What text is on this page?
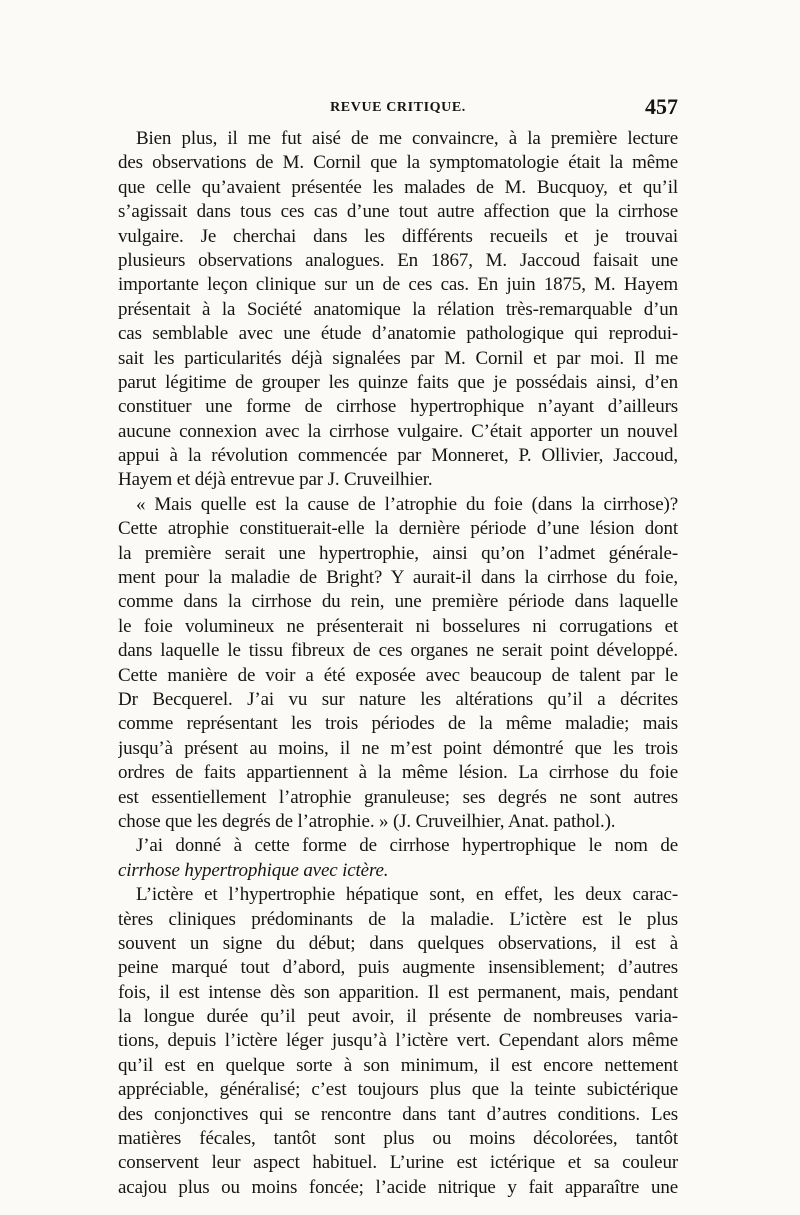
REVUE CRITIQUE.	457
Bien plus, il me fut aisé de me convaincre, à la première lecture
des observations de M. Cornil que la symptomatologie était la même
que celle qu’avaient présentée les malades de M. Bucquoy, et qu’il
s’agissait dans tous ces cas d’une tout autre affection que la cirrhose
vulgaire. Je cherchai dans les différents recueils et je trouvai
plusieurs observations analogues. En 1867, M. Jaccoud faisait une
importante leçon clinique sur un de ces cas. En juin 1875, M. Hayem
présentait à la Société anatomique la rélation très-remarquable d’un
cas semblable avec une étude d’anatomie pathologique qui reprodui-
sait les particularités déjà signalées par M. Cornil et par moi. Il me
parut légitime de grouper les quinze faits que je possédais ainsi, d’en
constituer une forme de cirrhose hypertrophique n’ayant d’ailleurs
aucune connexion avec la cirrhose vulgaire. C’était apporter un nouvel
appui à la révolution commencée par Monneret, P. Ollivier, Jaccoud,
Hayem et déjà entrevue par J. Cruveilhier.
« Mais quelle est la cause de l’atrophie du foie (dans la cirrhose)?
Cette atrophie constituerait-elle la dernière période d’une lésion dont
la première serait une hypertrophie, ainsi qu’on l’admet générale-
ment pour la maladie de Bright? Y aurait-il dans la cirrhose du foie,
comme dans la cirrhose du rein, une première période dans laquelle
le foie volumineux ne présenterait ni bosselures ni corrugations et
dans laquelle le tissu fibreux de ces organes ne serait point développé.
Cette manière de voir a été exposée avec beaucoup de talent par le
Dr Becquerel. J’ai vu sur nature les altérations qu’il a décrites
comme représentant les trois périodes de la même maladie; mais
jusqu’à présent au moins, il ne m’est point démontré que les trois
ordres de faits appartiennent à la même lésion. La cirrhose du foie
est essentiellement l’atrophie granuleuse; ses degrés ne sont autres
chose que les degrés de l’atrophie. » (J. Cruveilhier, Anat. pathol.).
J’ai donné à cette forme de cirrhose hypertrophique le nom de
cirrhose hypertrophique avec ictère.
L’ictère et l’hypertrophie hépatique sont, en effet, les deux carac-
tères cliniques prédominants de la maladie. L’ictère est le plus
souvent un signe du début; dans quelques observations, il est à
peine marqué tout d’abord, puis augmente insensiblement; d’autres
fois, il est intense dès son apparition. Il est permanent, mais, pendant
la longue durée qu’il peut avoir, il présente de nombreuses varia-
tions, depuis l’ictère léger jusqu’à l’ictère vert. Cependant alors même
qu’il est en quelque sorte à son minimum, il est encore nettement
appréciable, généralisé; c’est toujours plus que la teinte subictérique
des conjonctives qui se rencontre dans tant d’autres conditions. Les
matières fécales, tantôt sont plus ou moins décolorées, tantôt
conservent leur aspect habituel. L’urine est ictérique et sa couleur
acajou plus ou moins foncée; l’acide nitrique y fait apparaître une
